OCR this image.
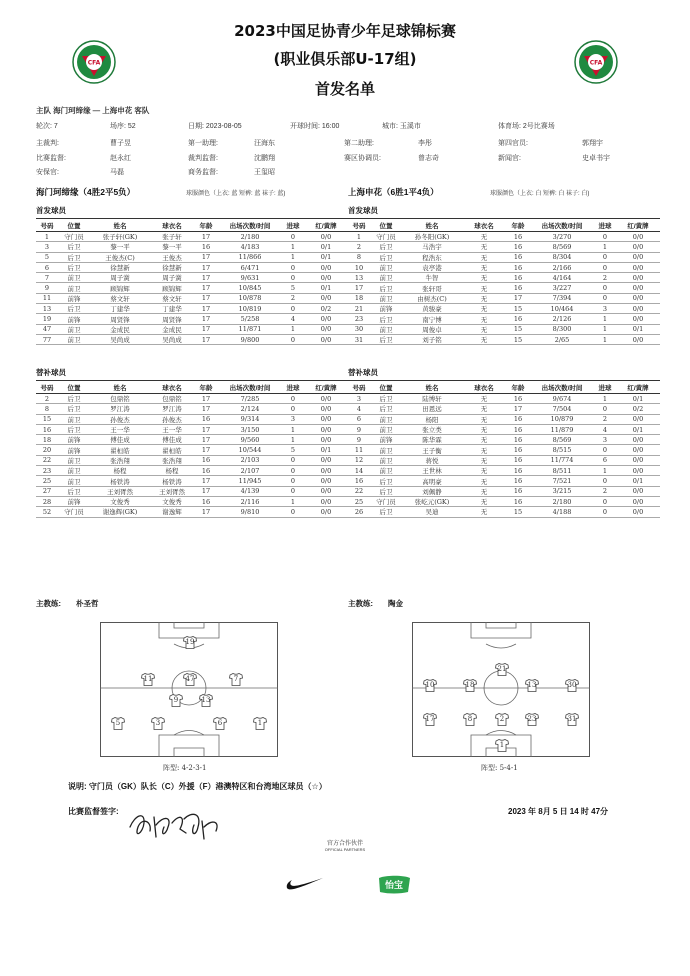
CFA	CFA
2023中国足协青少年足球锦标赛
(职业俱乐部U-17组)
首发名单
主队 海门珂缔缘 — 上海申花 客队
轮次: 7	场序: 52	日期: 2023-08-05	开球时间: 16:00	城市: 玉溪市	体育场: 2号比赛场
主裁判:	曹子昱	第一助理:	汪海东	第二助理:	李彤	第四官员:	郭翔宇
比赛监督:	赵永红	裁判监督:	沈鹏翔	赛区协调员:	曾志奇	新闻官:	史卓书宇
安保官:	马磊	商务监督:	王玺昭
海门珂缔缘（4胜2平5负）	球服颜色（上衣: 蓝 短裤: 蓝 袜子: 蓝)	上海申花（6胜1平4负）	球服颜色（上衣: 白 短裤: 白 袜子: 白)
首发球员	首发球员
号码	位置	姓名	球衣名	年龄	出场次数/时间	进球	红/黄牌
1	守门员	张子轩(GK)	张子轩	17	2/180	0	0/0
3	后卫	黎一平	黎一平	16	4/183	1	0/1
5	后卫	王俊杰(C)	王俊杰	17	11/866	1	0/1
6	后卫	徐慧新	徐慧新	17	6/471	0	0/0
7	前卫	周子黉	周子黉	17	9/631	0	0/0
9	前卫	顾锦辉	顾锦辉	17	10/845	5	0/1
11	前锋	蔡文轩	蔡文轩	17	10/878	2	0/0
13	后卫	丁建华	丁建华	17	10/819	0	0/2
19	前锋	周贤锋	周贤锋	17	5/258	4	0/0
47	前卫	金成民	金成民	17	11/871	1	0/0
77	前卫	吴尚成	吴尚成	17	9/800	0	0/0
号码	位置	姓名	球衣名	年龄	出场次数/时间	进球	红/黄牌
1	守门员	孙冬阳(GK)	无	16	3/270	0	0/0
2	后卫	马浩宇	无	16	8/569	1	0/0
8	后卫	程浩东	无	16	8/304	0	0/0
10	前卫	袁亭港	无	16	2/166	0	0/0
13	前卫	牛智	无	16	4/164	2	0/0
17	后卫	张轩哥	无	16	3/227	0	0/0
18	前卫	由树杰(C)	无	17	7/394	0	0/0
21	前锋	黄骏豪	无	15	10/464	3	0/0
23	后卫	南宁博	无	16	2/126	1	0/0
30	前卫	周俊卓	无	15	8/300	1	0/1
31	后卫	刘子铭	无	15	2/65	1	0/0
替补球员	替补球员
号码	位置	姓名	球衣名	年龄	出场次数/时间	进球	红/黄牌
2	后卫	包鼎铭	包鼎铭	17	7/285	0	0/0
8	后卫	罗江涛	罗江涛	17	2/124	0	0/0
15	前卫	孙俊杰	孙俊杰	16	9/314	3	0/0
16	后卫	王一华	王一华	17	3/150	1	0/0
18	前锋	傅佳成	傅佳成	17	9/560	1	0/0
20	前锋	翟桓皓	翟桓皓	17	10/544	5	0/1
22	前卫	张浩翔	张浩翔	16	2/103	0	0/0
23	前卫	杨程	杨程	16	2/107	0	0/0
25	前卫	杨铁涛	杨铁涛	17	11/945	0	0/0
27	后卫	王刘胥然	王刘胥然	17	4/139	0	0/0
28	前锋	文俊秀	文俊秀	16	2/116	1	0/0
52	守门员	谢逸辉(GK)	谢逸辉	17	9/810	0	0/0
号码	位置	姓名	球衣名	年龄	出场次数/时间	进球	红/黄牌
3	后卫	陆博轩	无	16	9/674	1	0/1
4	后卫	田恩远	无	17	7/504	0	0/2
6	前卫	杨阳	无	16	10/879	2	0/0
9	前卫	张立类	无	16	11/879	4	0/1
9	前锋	陈华霖	无	16	8/569	3	0/0
11	前卫	王子衡	无	16	8/515	0	0/0
12	前卫	蒋悦	无	16	11/774	6	0/0
14	前卫	王世林	无	16	8/511	1	0/0
16	后卫	高明豪	无	16	7/521	0	0/1
22	后卫	刘佩静	无	16	3/215	2	0/0
25	守门员	张屹元(GK)	无	16	2/180	0	0/0
26	后卫	吴迪	无	15	4/188	0	0/0
主教练: 朴圣哲	主教练: 陶金
19
11	47	7
9	13
5	3	6	1
21
10	18	13	30
17	8	2	23	31
1
阵型: 4-2-3-1	阵型: 5-4-1
说明: 守门员（GK）队长（C）外援（F）港澳特区和台湾地区球员（☆）
比赛监督签字:	2023 年 8月 5 日 14 时 47分
官方合作伙伴
OFFICIAL PARTNERS
怡宝
